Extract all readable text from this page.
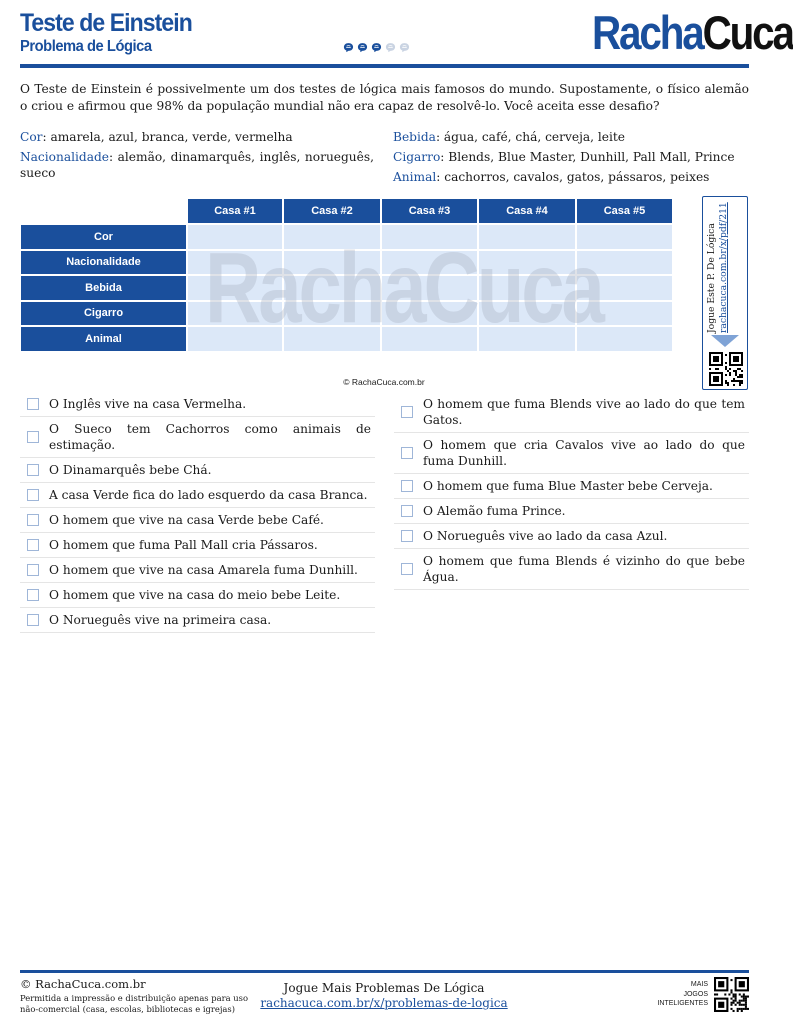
Teste de Einstein
Problema de Lógica	RachaCuca

O Teste de Einstein é possivelmente um dos testes de lógica mais famosos do mundo. Supostamente, o físico alemão o criou e afirmou que 98% da população mundial não era capaz de resolvê-lo. Você aceita esse desafio?

Cor: amarela, azul, branca, verde, vermelha
Nacionalidade: alemão, dinamarquês, inglês, norueguês, sueco
Bebida: água, café, chá, cerveja, leite
Cigarro: Blends, Blue Master, Dunhill, Pall Mall, Prince
Animal: cachorros, cavalos, gatos, pássaros, peixes
Casa #1	Casa #2	Casa #3	Casa #4	Casa #5
Cor
Nacionalidade
Bebida
Cigarro
Animal RachaCuca	Jogue Este P. De Lógica rachacuca.com.br/x/pdf/211
© RachaCuca.com.br
O Inglês vive na casa Vermelha.
O Sueco tem Cachorros como animais de estimação.
O Dinamarquês bebe Chá.
A casa Verde fica do lado esquerdo da casa Branca.
O homem que vive na casa Verde bebe Café.
O homem que fuma Pall Mall cria Pássaros.
O homem que vive na casa Amarela fuma Dunhill.
O homem que vive na casa do meio bebe Leite.
O Norueguês vive na primeira casa.
O homem que fuma Blends vive ao lado do que tem Gatos.
O homem que cria Cavalos vive ao lado do que fuma Dunhill.
O homem que fuma Blue Master bebe Cerveja.
O Alemão fuma Prince.
O Norueguês vive ao lado da casa Azul.
O homem que fuma Blends é vizinho do que bebe Água.
© RachaCuca.com.br
Permitida a impressão e distribuição apenas para uso não-comercial (casa, escolas, bibliotecas e igrejas)
Jogue Mais Problemas De Lógica
rachacuca.com.br/x/problemas-de-logica
MAIS
JOGOS
INTELIGENTES
